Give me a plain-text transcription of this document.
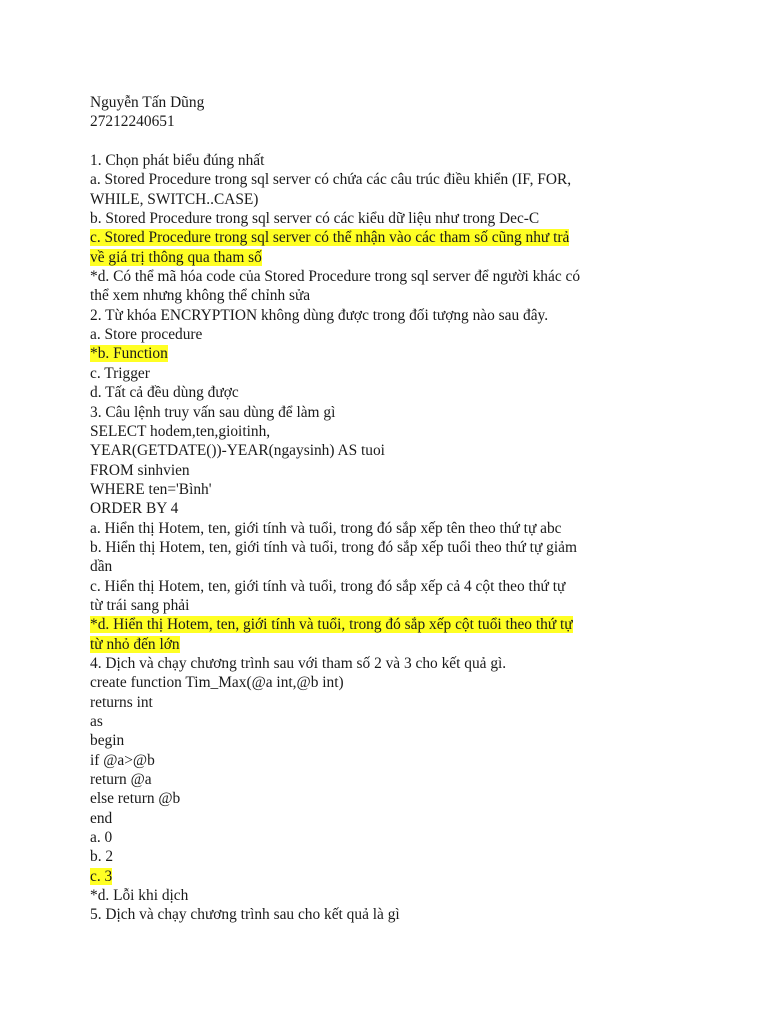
Nguyễn Tấn Dũng
27212240651
1. Chọn phát biểu đúng nhất
a. Stored Procedure trong sql server có chứa các câu trúc điều khiển (IF, FOR,
WHILE, SWITCH..CASE)
b. Stored Procedure trong sql server có các kiểu dữ liệu như trong Dec-C
c. Stored Procedure trong sql server có thể nhận vào các tham số cũng như trả
về giá trị thông qua tham số
*d. Có thể mã hóa code của Stored Procedure trong sql server để người khác có
thể xem nhưng không thể chỉnh sửa
2. Từ khóa ENCRYPTION không dùng được trong đối tượng nào sau đây.
a. Store procedure
*b. Function
c. Trigger
d. Tất cả đều dùng được
3. Câu lệnh truy vấn sau dùng để làm gì
SELECT hodem,ten,gioitinh,
YEAR(GETDATE())-YEAR(ngaysinh) AS tuoi
FROM sinhvien
WHERE ten='Bình'
ORDER BY 4
a. Hiển thị Hotem, ten, giới tính và tuổi, trong đó sắp xếp tên theo thứ tự abc
b. Hiển thị Hotem, ten, giới tính và tuổi, trong đó sắp xếp tuổi theo thứ tự giảm
dần
c. Hiển thị Hotem, ten, giới tính và tuổi, trong đó sắp xếp cả 4 cột theo thứ tự
từ trái sang phải
*d. Hiển thị Hotem, ten, giới tính và tuổi, trong đó sắp xếp cột tuổi theo thứ tự
từ nhỏ đến lớn
4. Dịch và chạy chương trình sau với tham số 2 và 3 cho kết quả gì.
create function Tim_Max(@a int,@b int)
returns int
as
begin
if @a>@b
return @a
else return @b
end
a. 0
b. 2
c. 3
*d. Lỗi khi dịch
5. Dịch và chạy chương trình sau cho kết quả là gì
